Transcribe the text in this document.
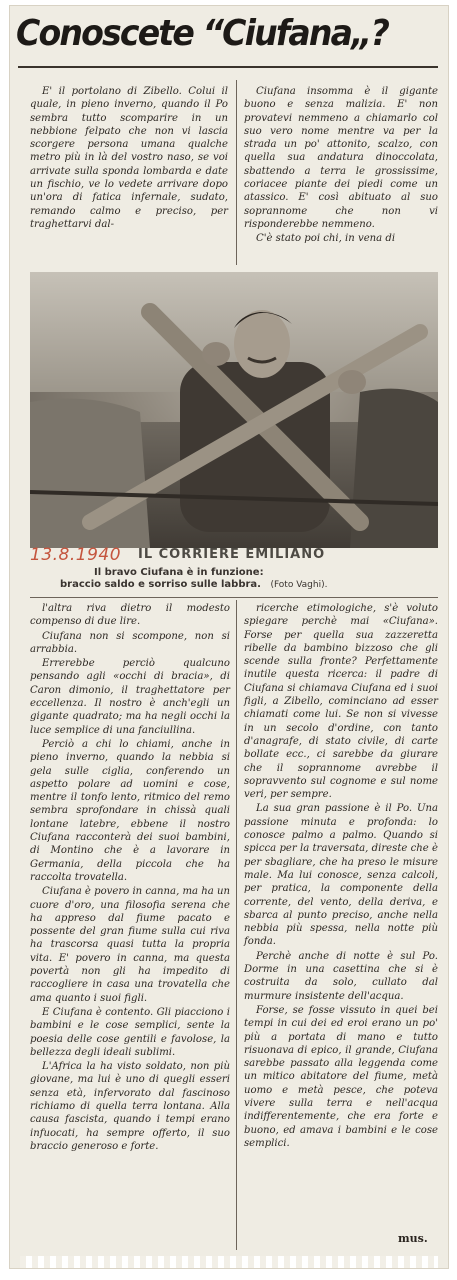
Conoscete “Ciufana„?

E' il portolano di Zibello. Colui il quale, in pieno inverno, quando il Po sembra tutto scomparire in un nebbione felpato che non vi lascia scorgere persona umana qualche metro più in là del vostro naso, se voi arrivate sulla sponda lombarda e date un fischio, ve lo vedete arrivare dopo un'ora di fatica infernale, sudato, remando calmo e preciso, per traghettarvi dal-

Ciufana insomma è il gigante buono e senza malizia. E' non provatevi nemmeno a chiamarlo col suo vero nome mentre va per la strada un po' attonito, scalzo, con quella sua andatura dinoccolata, sbattendo a terra le grossissime, coriacee piante dei piedi come un atassico. E' così abituato al suo soprannome che non vi risponderebbe nemmeno.

C'è stato poi chi, in vena di

13.8.1940 IL CORRIERE EMILIANO
Il bravo Ciufana è in funzione:
braccio saldo e sorriso sulle labbra. (Foto Vaghi).

l'altra riva dietro il modesto compenso di due lire.

Ciufana non si scompone, non si arrabbia.

Errerebbe perciò qualcuno pensando agli «occhi di bracia», di Caron dimonio, il traghettatore per eccellenza. Il nostro è anch'egli un gigante quadrato; ma ha negli occhi la luce semplice di una fanciullina.

Perciò a chi lo chiami, anche in pieno inverno, quando la nebbia si gela sulle ciglia, conferendo un aspetto polare ad uomini e cose, mentre il tonfo lento, ritmico del remo sembra sprofondare in chissà quali lontane latebre, ebbene il nostro Ciufana racconterà dei suoi bambini, di Montino che è a lavorare in Germania, della piccola che ha raccolta trovatella.

Ciufana è povero in canna, ma ha un cuore d'oro, una filosofia serena che ha appreso dal fiume pacato e possente del gran fiume sulla cui riva ha trascorsa quasi tutta la propria vita. E' povero in canna, ma questa povertà non gli ha impedito di raccogliere in casa una trovatella che ama quanto i suoi figli.

E Ciufana è contento. Gli piacciono i bambini e le cose semplici, sente la poesia delle cose gentili e favolose, la bellezza degli ideali sublimi.

L'Africa la ha visto soldato, non più giovane, ma lui è uno di quegli esseri senza età, infervorato dal fascinoso richiamo di quella terra lontana. Alla causa fascista, quando i tempi erano infuocati, ha sempre offerto, il suo braccio generoso e forte.

ricerche etimologiche, s'è voluto spiegare perchè mai «Ciufana». Forse per quella sua zazzeretta ribelle da bambino bizzoso che gli scende sulla fronte? Perfettamente inutile questa ricerca: il padre di Ciufana si chiamava Ciufana ed i suoi figli, a Zibello, cominciano ad esser chiamati come lui. Se non si vivesse in un secolo d'ordine, con tanto d'anagrafe, di stato civile, di carte bollate ecc., ci sarebbe da giurare che il soprannome avrebbe il sopravvento sul cognome e sul nome veri, per sempre.

La sua gran passione è il Po. Una passione minuta e profonda: lo conosce palmo a palmo. Quando si spicca per la traversata, direste che è per sbagliare, che ha preso le misure male. Ma lui conosce, senza calcoli, per pratica, la componente della corrente, del vento, della deriva, e sbarca al punto preciso, anche nella nebbia più spessa, nella notte più fonda.

Perchè anche di notte è sul Po. Dorme in una casettina che si è costruita da solo, cullato dal murmure insistente dell'acqua.

Forse, se fosse vissuto in quei bei tempi in cui dei ed eroi erano un po' più a portata di mano e tutto risuonava di epico, il grande, Ciufana sarebbe passato alla leggenda come un mitico abitatore del fiume, metà uomo e metà pesce, che poteva vivere sulla terra e nell'acqua indifferentemente, che era forte e buono, ed amava i bambini e le cose semplici.

mus.
